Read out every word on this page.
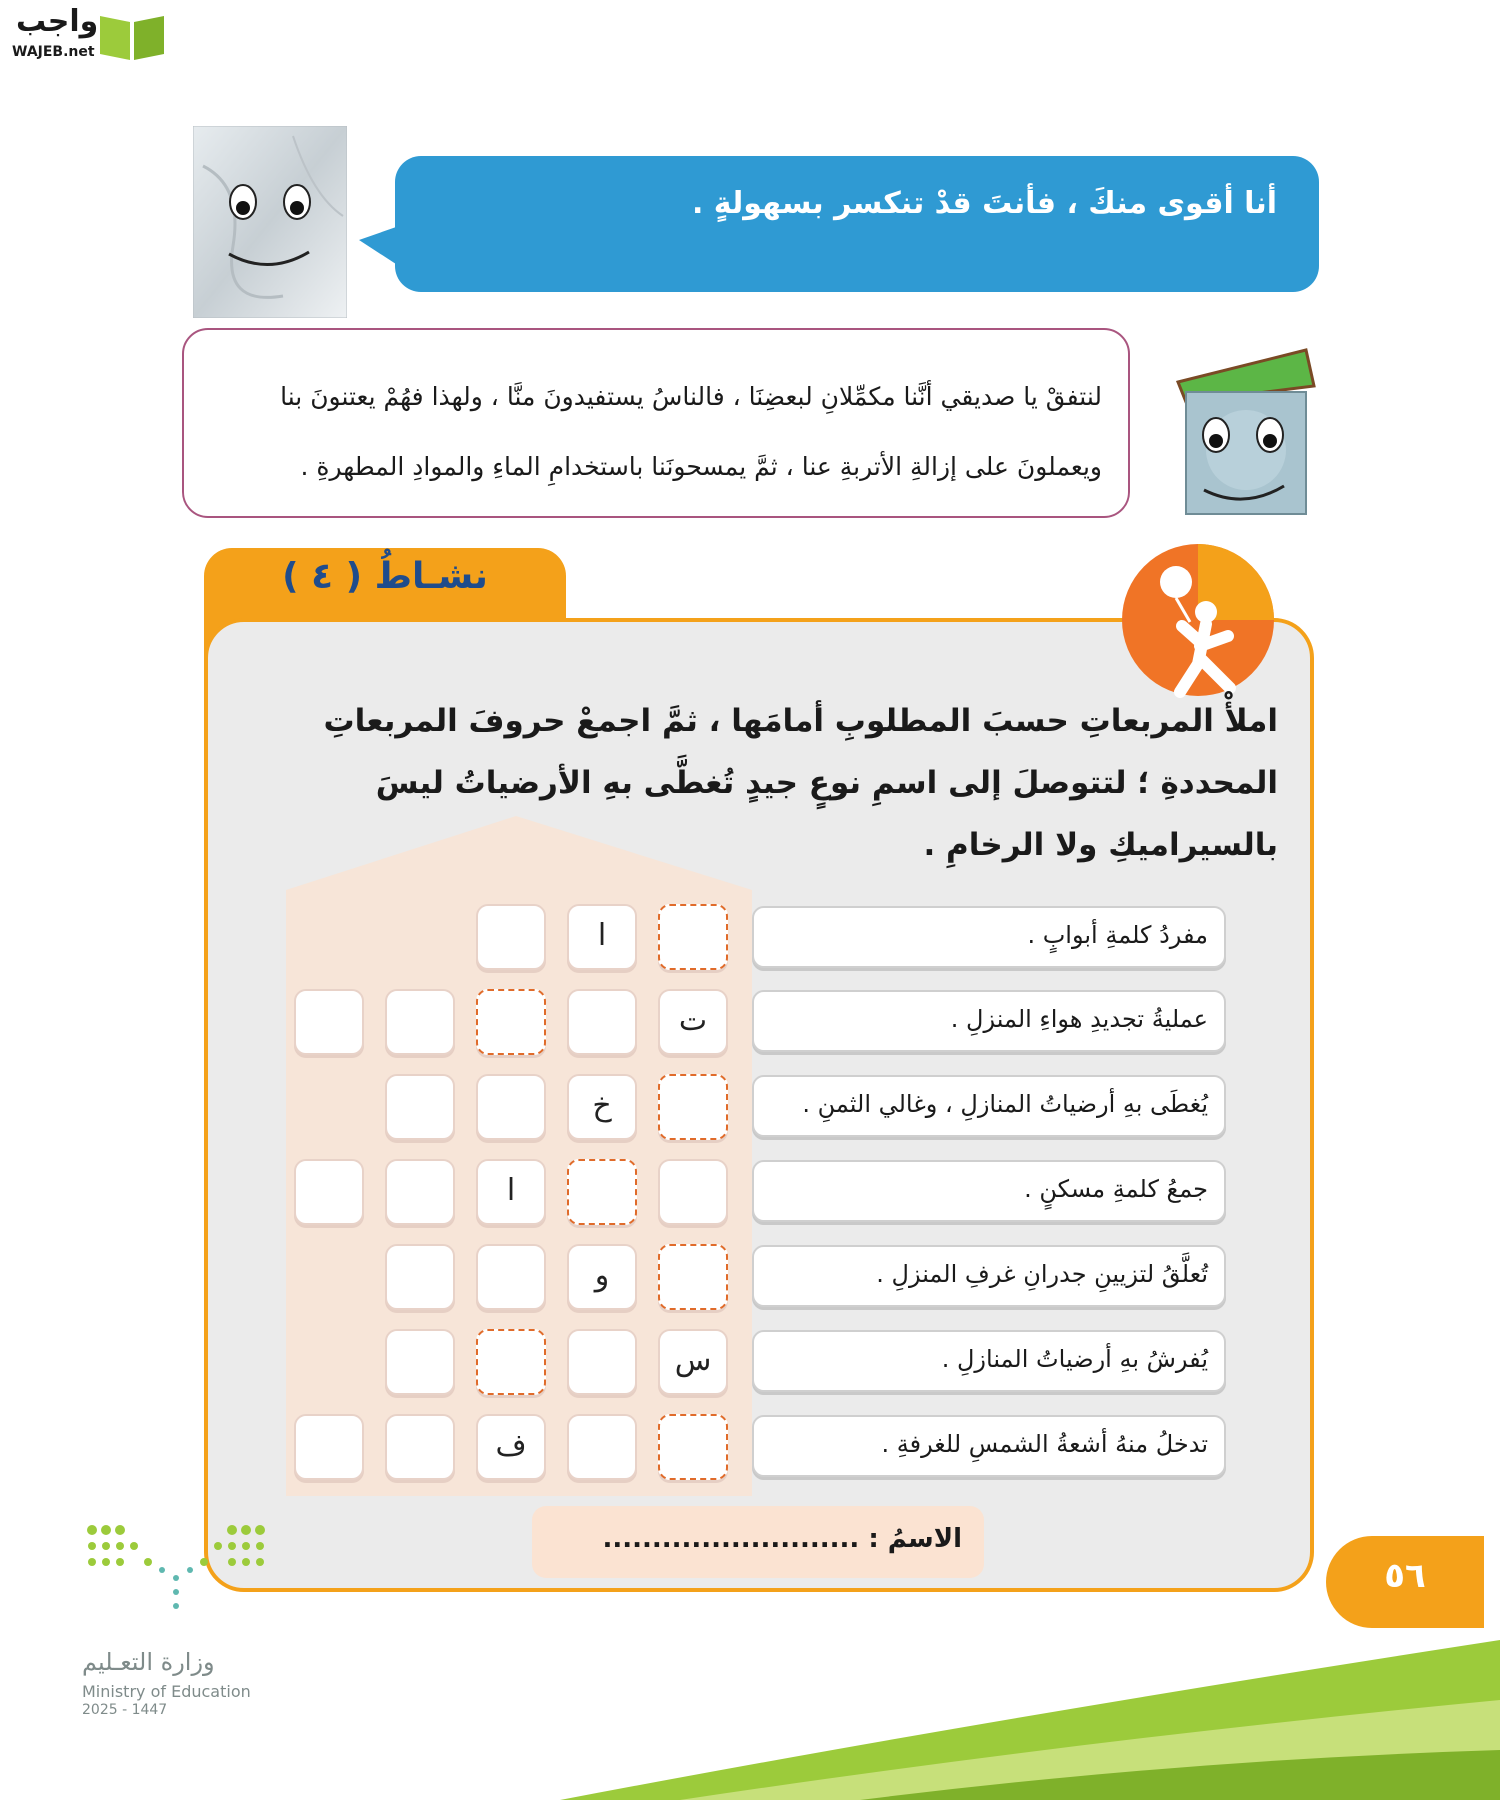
واجب
WAJEB.net
أنا أقوى منكَ ، فأنتَ قدْ تنكسر بسهولةٍ .
لنتفقْ يا صديقي أنَّنا مكمِّلانِ لبعضِنَا ، فالناسُ يستفيدونَ منَّا ، ولهذا فهُمْ يعتنونَ بنا ويعملونَ على إزالةِ الأتربةِ عنا ، ثمَّ يمسحونَنا باستخدامِ الماءِ والموادِ المطهرةِ .
نشـاطُ ( ٤ )
املأْ المربعاتِ حسبَ المطلوبِ أمامَها ، ثمَّ اجمعْ حروفَ المربعاتِ المحددةِ ؛ لتتوصلَ إلى اسمِ نوعٍ جيدٍ تُغطَّى بهِ الأرضياتُ ليسَ بالسيراميكِ ولا الرخامِ .
مفردُ كلمةِ أبوابٍ .
عمليةُ تجديدِ هواءِ المنزلِ .
يُغطَى بهِ أرضياتُ المنازلِ ، وغالي الثمنِ .
جمعُ كلمةِ مسكنٍ .
تُعلَّقُ لتزيينِ جدرانِ غرفِ المنزلِ .
يُفرشُ بهِ أرضياتُ المنازلِ .
تدخلُ منهُ أشعةُ الشمسِ للغرفةِ .
ا
ت
خ
ا
و
س
ف
الاسمُ : ..........................
٥٦
وزارة التعـليم
Ministry of Education
2025 - 1447
